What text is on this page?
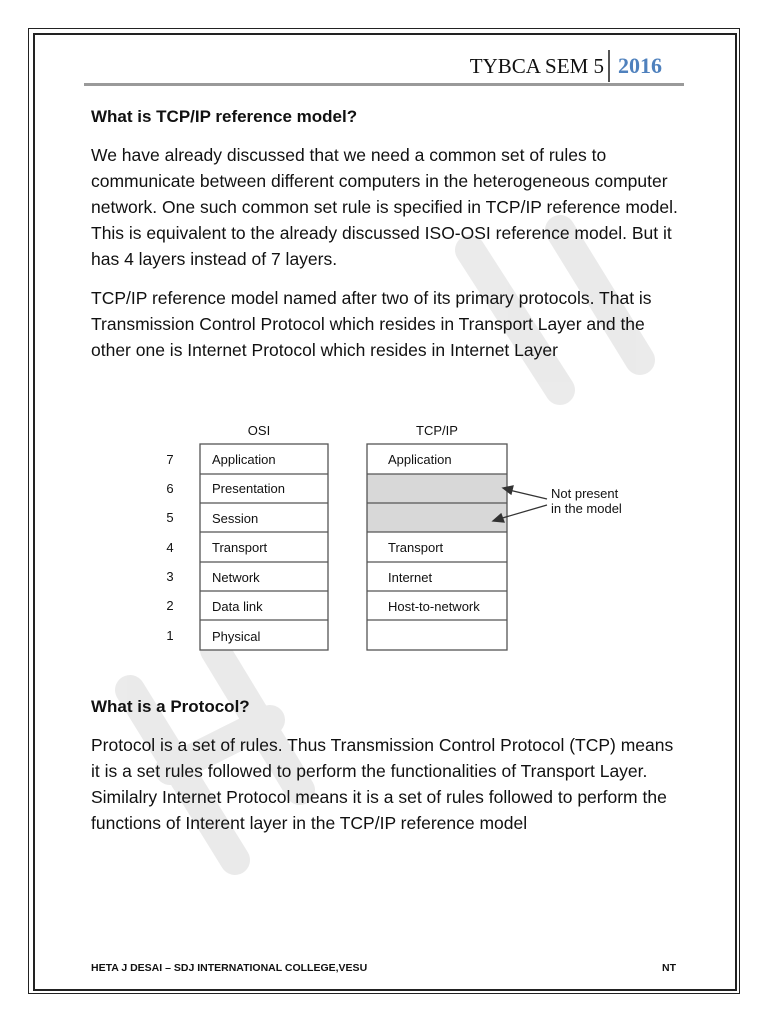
TYBCA SEM 5 2016

What is TCP/IP reference model?

We have already discussed that we need a common set of rules to communicate between different computers in the heterogeneous computer network. One such common set rule is specified in TCP/IP reference model. This is equivalent to the already discussed ISO-OSI reference model. But it has 4 layers instead of 7 layers.

TCP/IP reference model named after two of its primary protocols. That is Transmission Control Protocol which resides in Transport Layer and the other one is Internet Protocol which resides in Internet Layer

OSI	TCP/IP
7
6
5
4
3
2
1
Application
Presentation
Session
Transport
Network
Data link
Physical
Application
Transport
Internet
Host-to-network
Not present
in the model

What is a Protocol?

Protocol is a set of rules. Thus Transmission Control Protocol (TCP) means it is a set rules followed to perform the functionalities of Transport Layer. Similalry Internet Protocol means it is a set of rules followed to perform the functions of Interent layer in the TCP/IP reference model

HETA J DESAI – SDJ INTERNATIONAL COLLEGE,VESU	NT
